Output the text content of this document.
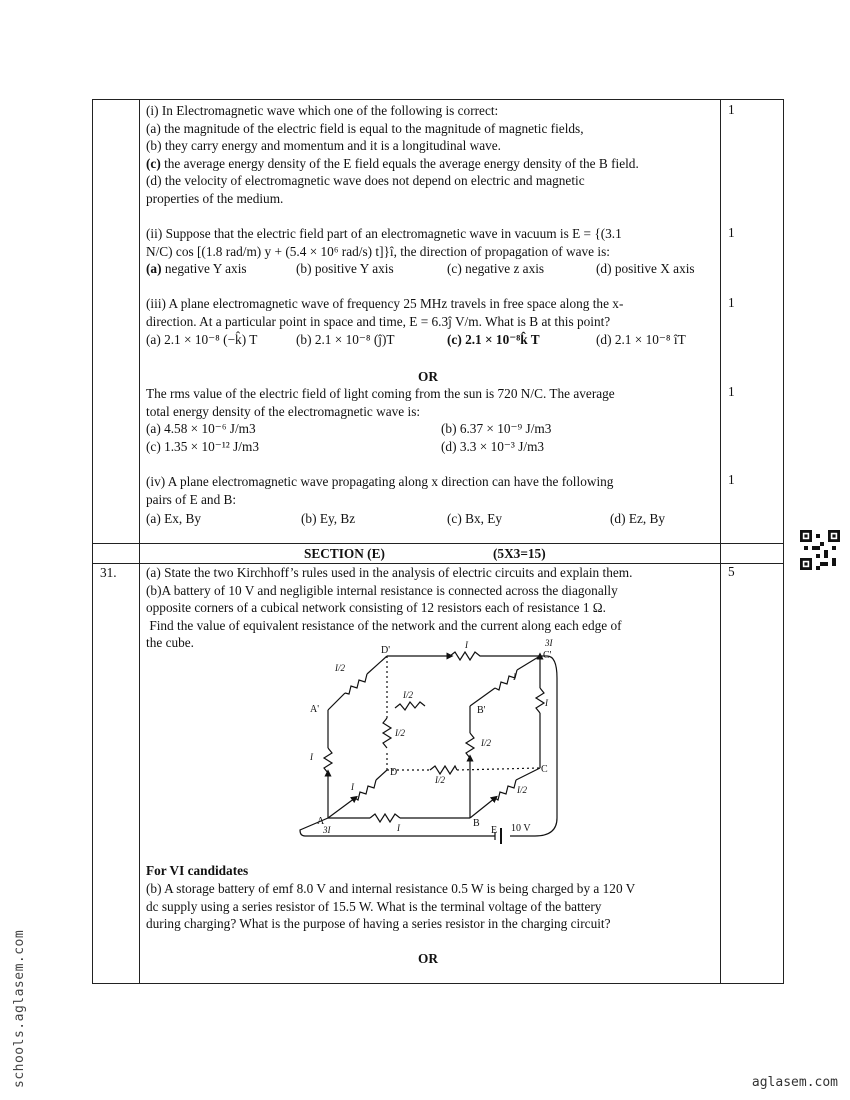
(i) In Electromagnetic wave which one of the following is correct:
(a) the magnitude of the electric field is equal to the magnitude of magnetic fields,
(b) they carry energy and momentum and it is a longitudinal wave.
(c) the average energy density of the E field equals the average energy density of the B field.
(d) the velocity of electromagnetic wave does not depend on electric and magnetic
properties of the medium.
1
(ii) Suppose that the electric field part of an electromagnetic wave in vacuum is E = {(3.1
N/C) cos [(1.8 rad/m) y + (5.4 × 10⁶ rad/s) t]}î, the direction of propagation of wave is:
(a) negative Y axis	(b) positive Y axis	(c) negative z axis	(d) positive X axis
1
(iii) A plane electromagnetic wave of frequency 25 MHz travels in free space along the x-
direction. At a particular point in space and time, E = 6.3ĵ V/m. What is B at this point?
(a) 2.1 × 10⁻⁸ (−k̂) T	(b) 2.1 × 10⁻⁸ (ĵ)T	(c) 2.1 × 10⁻⁸k̂ T	(d) 2.1 × 10⁻⁸ îT
1
OR
The rms value of the electric field of light coming from the sun is 720 N/C. The average
total energy density of the electromagnetic wave is:
(a) 4.58 × 10⁻⁶ J/m3	(b) 6.37 × 10⁻⁹ J/m3
(c) 1.35 × 10⁻¹² J/m3	(d) 3.3 × 10⁻³ J/m3
1
(iv) A plane electromagnetic wave propagating along x direction can have the following
pairs of E and B:
(a) Ex, By	(b) Ey, Bz	(c) Bx, Ey	(d) Ez, By
1
SECTION (E)	(5X3=15)
31.	5
(a) State the two Kirchhoff’s rules used in the analysis of electric circuits and explain them.
(b)A battery of 10 V and negligible internal resistance is connected across the diagonally
opposite corners of a cubical network consisting of 12 resistors each of resistance 1 Ω.
Find the value of equivalent resistance of the network and the current along each edge of
the cube.
A	B
C
D
A'	B'
C'
D'
E 10 V
I/2
I/2
I/2
I/2
I/2
I/2
I
I
I
I
I
I
3I
3I
For VI candidates
(b) A storage battery of emf 8.0 V and internal resistance 0.5 W is being charged by a 120 V
dc supply using a series resistor of 15.5 W. What is the terminal voltage of the battery
during charging? What is the purpose of having a series resistor in the charging circuit?
OR
schools.aglasem.com	aglasem.com
